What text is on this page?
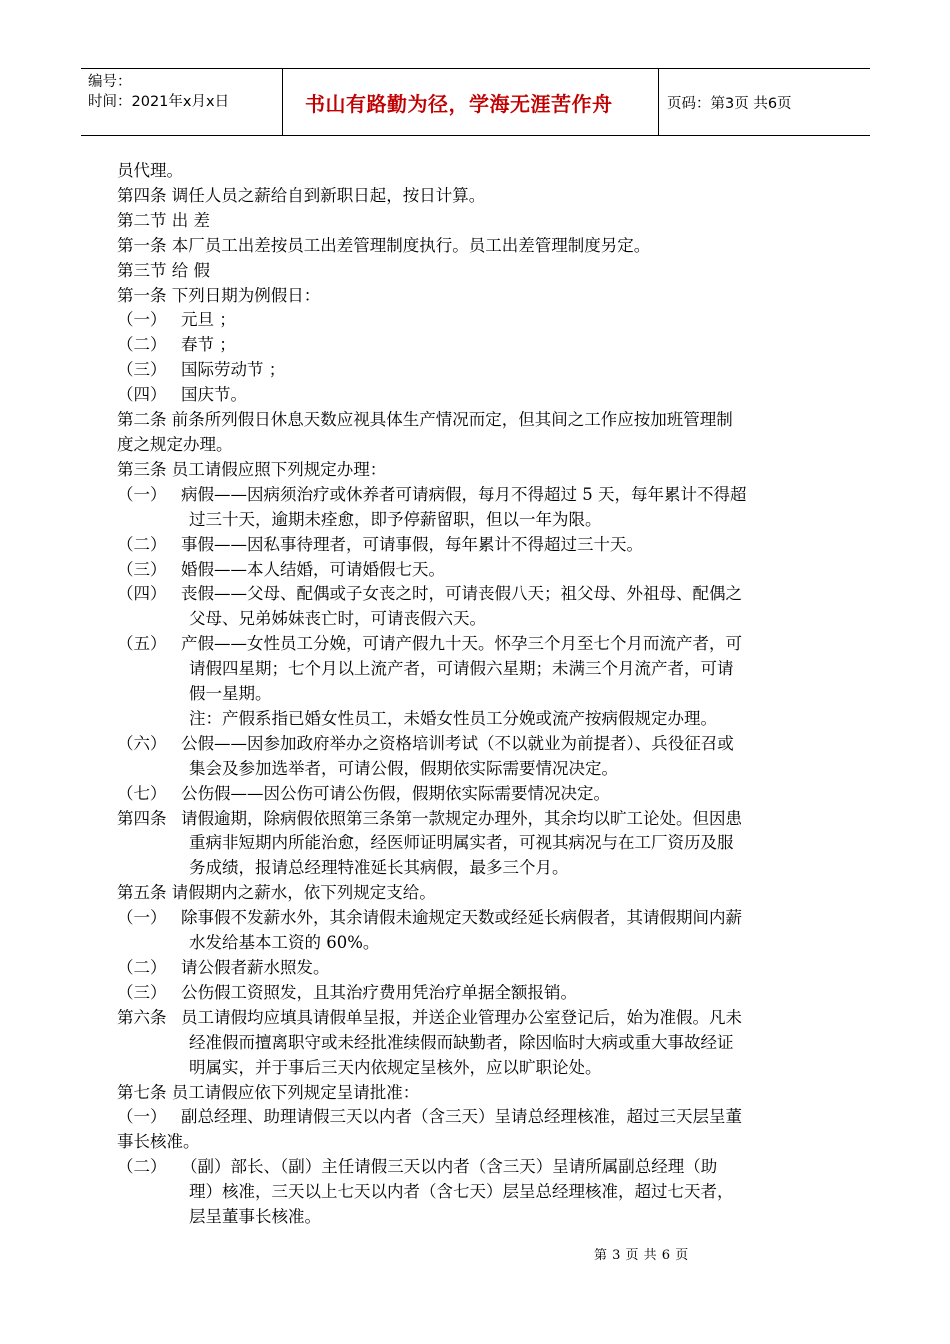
编号：
时间：2021年x月x日	书山有路勤为径，学海无涯苦作舟	页码：第3页 共6页
员代理。
第四条 调任人员之薪给自到新职日起，按日计算。
第二节 出 差
第一条 本厂员工出差按员工出差管理制度执行。员工出差管理制度另定。
第三节 给 假
第一条 下列日期为例假日：
（一） 元旦 ；
（二） 春节 ；
（三） 国际劳动节 ；
（四） 国庆节。
第二条 前条所列假日休息天数应视具体生产情况而定，但其间之工作应按加班管理制
度之规定办理。
第三条 员工请假应照下列规定办理：
（一） 病假——因病须治疗或休养者可请病假，每月不得超过 5 天，每年累计不得超
过三十天，逾期未痊愈，即予停薪留职，但以一年为限。
（二） 事假——因私事待理者，可请事假，每年累计不得超过三十天。
（三） 婚假——本人结婚，可请婚假七天。
（四） 丧假——父母、配偶或子女丧之时，可请丧假八天；祖父母、外祖母、配偶之
父母、兄弟姊妹丧亡时，可请丧假六天。
（五） 产假——女性员工分娩，可请产假九十天。怀孕三个月至七个月而流产者，可
请假四星期；七个月以上流产者，可请假六星期；未满三个月流产者，可请
假一星期。
注：产假系指已婚女性员工，未婚女性员工分娩或流产按病假规定办理。
（六） 公假——因参加政府举办之资格培训考试（不以就业为前提者）、兵役征召或
集会及参加选举者，可请公假，假期依实际需要情况决定。
（七） 公伤假——因公伤可请公伤假，假期依实际需要情况决定。
第四条 请假逾期，除病假依照第三条第一款规定办理外，其余均以旷工论处。但因患
重病非短期内所能治愈，经医师证明属实者，可视其病况与在工厂资历及服
务成绩，报请总经理特准延长其病假，最多三个月。
第五条 请假期内之薪水，依下列规定支给。
（一） 除事假不发薪水外，其余请假未逾规定天数或经延长病假者，其请假期间内薪
水发给基本工资的 60%。
（二） 请公假者薪水照发。
（三） 公伤假工资照发，且其治疗费用凭治疗单据全额报销。
第六条 员工请假均应填具请假单呈报，并送企业管理办公室登记后，始为准假。凡未
经准假而擅离职守或未经批准续假而缺勤者，除因临时大病或重大事故经证
明属实，并于事后三天内依规定呈核外，应以旷职论处。
第七条 员工请假应依下列规定呈请批准：
（一） 副总经理、助理请假三天以内者（含三天）呈请总经理核准，超过三天层呈董
事长核准。
（二） （副）部长、（副）主任请假三天以内者（含三天）呈请所属副总经理（助
理）核准，三天以上七天以内者（含七天）层呈总经理核准，超过七天者，
层呈董事长核准。
第 3 页 共 6 页
